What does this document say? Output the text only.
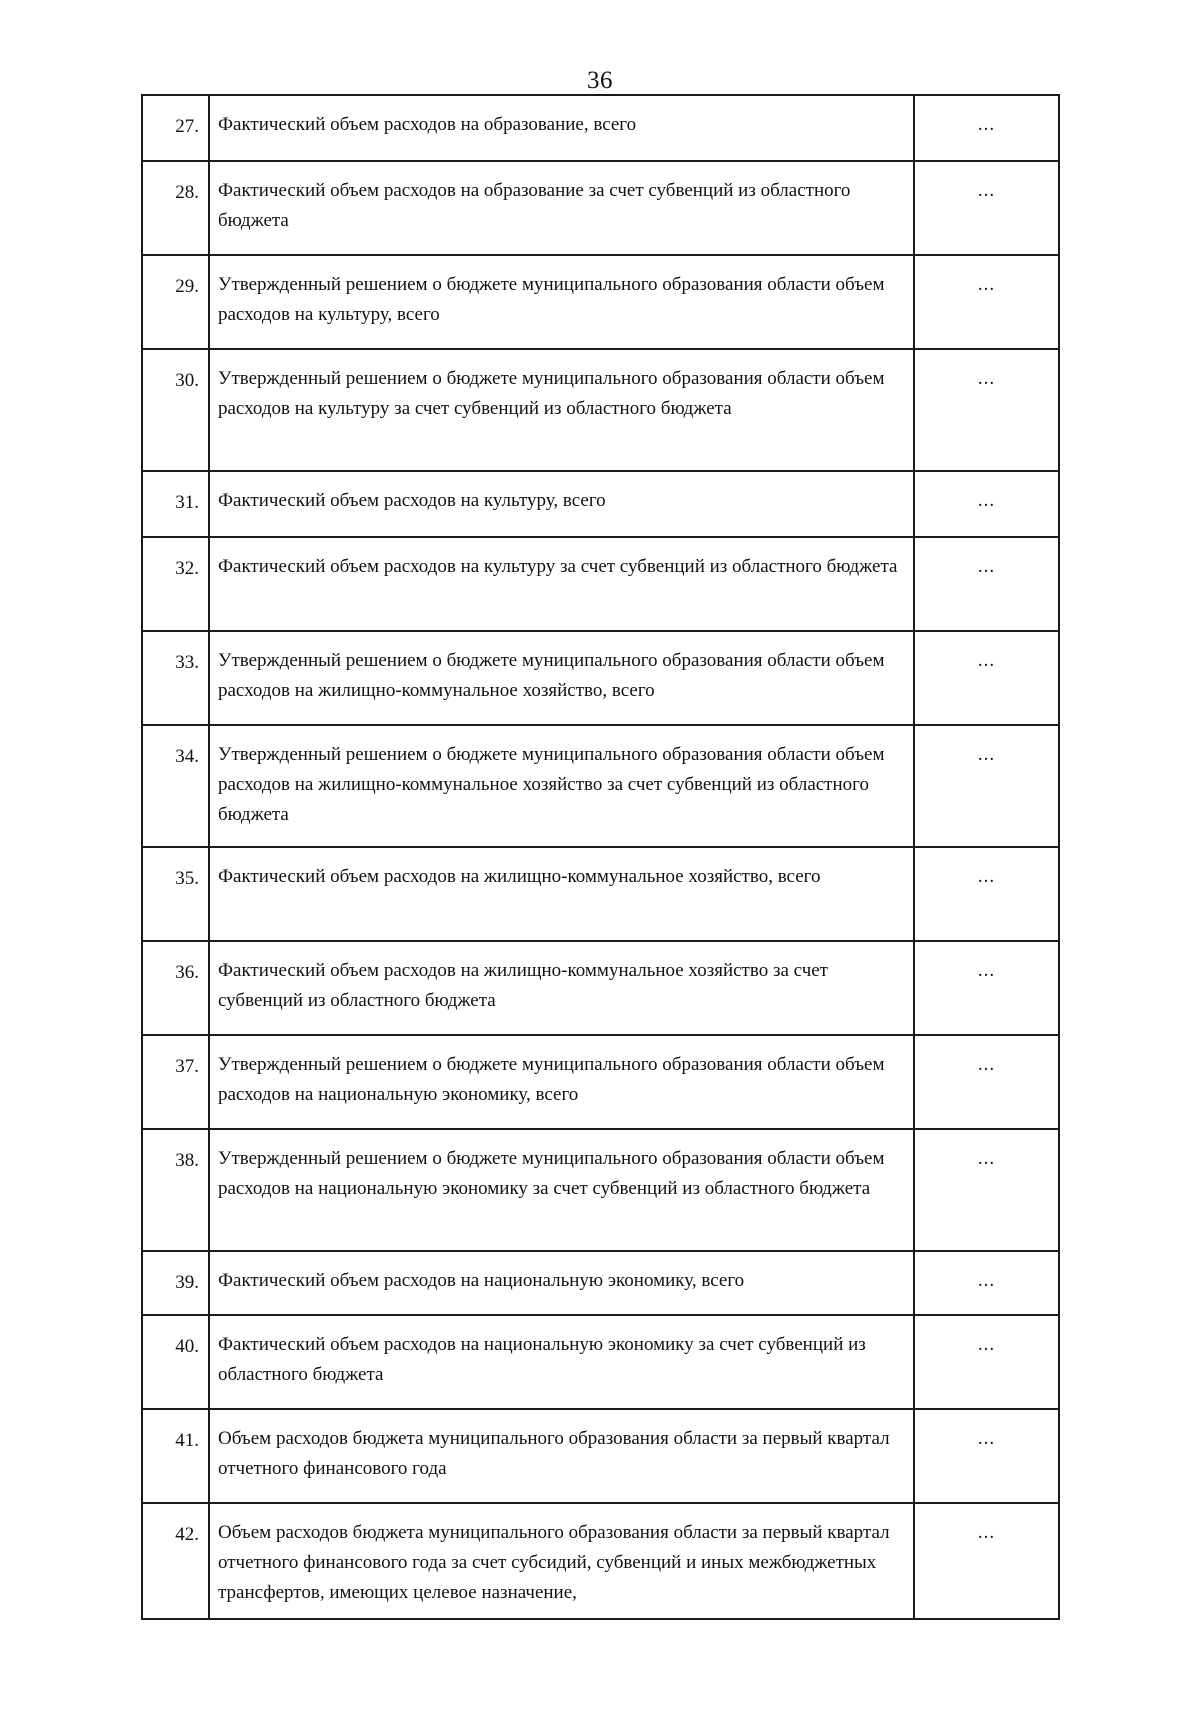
36
27.	Фактический объем расходов на образование, всего	...
28.	Фактический объем расходов на образование за счет субвенций из областного бюджета	...
29.	Утвержденный решением о бюджете муниципального образования области объем расходов на культуру, всего	...
30.	Утвержденный решением о бюджете муниципального образования области объем расходов на культуру за счет субвенций из областного бюджета	...
31.	Фактический объем расходов на культуру, всего	...
32.	Фактический объем расходов на культуру за счет субвенций из областного бюджета	...
33.	Утвержденный решением о бюджете муниципального образования области объем расходов на жилищно-коммунальное хозяйство, всего	...
34.	Утвержденный решением о бюджете муниципального образования области объем расходов на жилищно-коммунальное хозяйство за счет субвенций из областного бюджета	...
35.	Фактический объем расходов на жилищно-коммунальное хозяйство, всего	...
36.	Фактический объем расходов на жилищно-коммунальное хозяйство за счет субвенций из областного бюджета	...
37.	Утвержденный решением о бюджете муниципального образования области объем расходов на национальную экономику, всего	...
38.	Утвержденный решением о бюджете муниципального образования области объем расходов на национальную экономику за счет субвенций из областного бюджета	...
39.	Фактический объем расходов на национальную экономику, всего	...
40.	Фактический объем расходов на национальную экономику за счет субвенций из областного бюджета	...
41.	Объем расходов бюджета муниципального образования области за первый квартал отчетного финансового года	...
42.	Объем расходов бюджета муниципального образования области за первый квартал отчетного финансового года за счет субсидий, субвенций и иных межбюджетных трансфертов, имеющих целевое назначение,	...
